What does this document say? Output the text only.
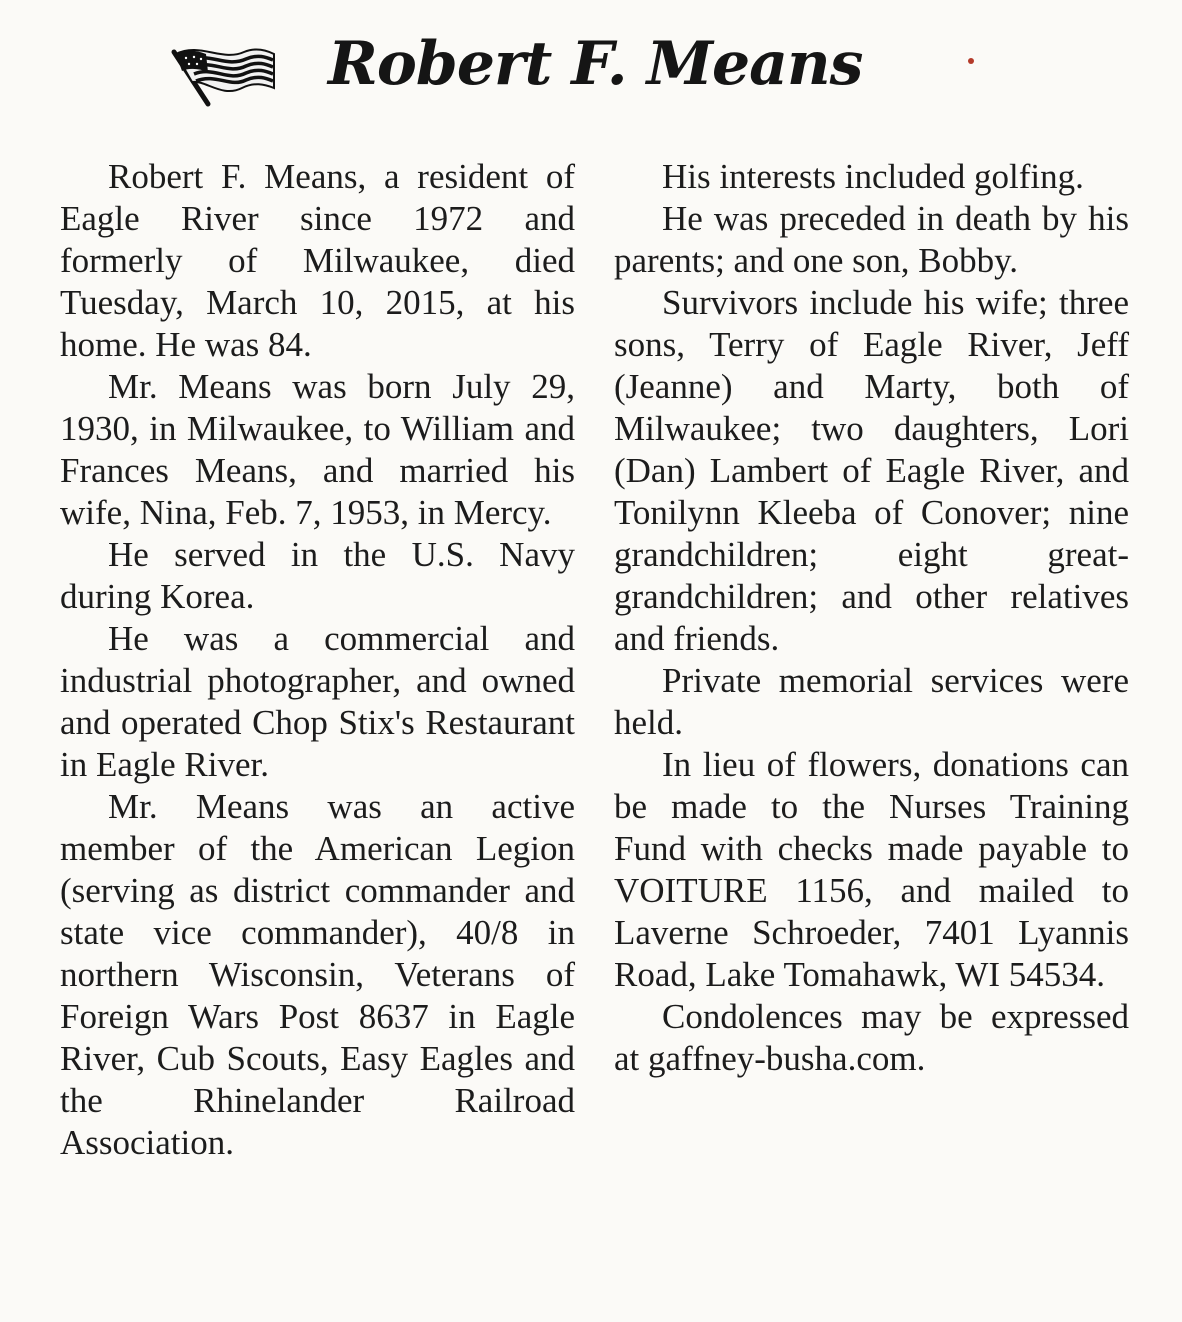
Robert F. Means

Robert F. Means, a resident of Eagle River since 1972 and formerly of Milwaukee, died Tuesday, March 10, 2015, at his home. He was 84.

Mr. Means was born July 29, 1930, in Milwaukee, to William and Frances Means, and married his wife, Nina, Feb. 7, 1953, in Mercy.

He served in the U.S. Navy during Korea.

He was a commercial and industrial photographer, and owned and operated Chop Stix's Restaurant in Eagle River.

Mr. Means was an active member of the American Legion (serving as district commander and state vice commander), 40/8 in northern Wisconsin, Veterans of Foreign Wars Post 8637 in Eagle River, Cub Scouts, Easy Eagles and the Rhinelander Railroad Association.

His interests included golfing.

He was preceded in death by his parents; and one son, Bobby.

Survivors include his wife; three sons, Terry of Eagle River, Jeff (Jeanne) and Marty, both of Milwaukee; two daughters, Lori (Dan) Lambert of Eagle River, and Tonilynn Kleeba of Conover; nine grandchildren; eight great-grandchildren; and other relatives and friends.

Private memorial services were held.

In lieu of flowers, donations can be made to the Nurses Training Fund with checks made payable to VOITURE 1156, and mailed to Laverne Schroeder, 7401 Lyannis Road, Lake Tomahawk, WI 54534.

Condolences may be expressed at gaffney-busha.com.
